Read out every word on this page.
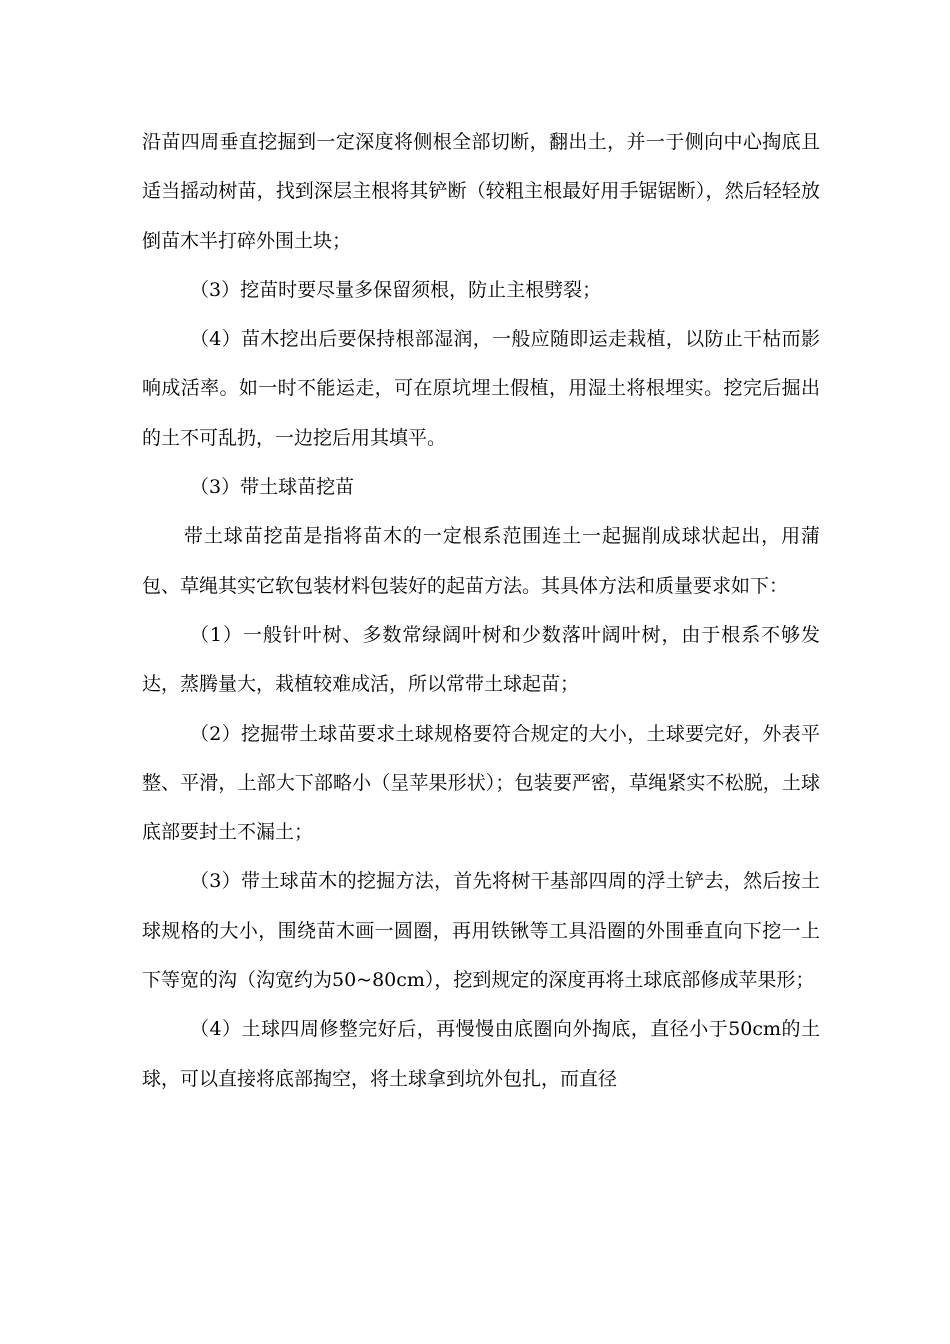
沿苗四周垂直挖掘到一定深度将侧根全部切断，翻出土，并一于侧向中心掏底且适当摇动树苗，找到深层主根将其铲断（较粗主根最好用手锯锯断），然后轻轻放倒苗木半打碎外围土块；

（3）挖苗时要尽量多保留须根，防止主根劈裂；

（4）苗木挖出后要保持根部湿润，一般应随即运走栽植，以防止干枯而影响成活率。如一时不能运走，可在原坑埋土假植，用湿土将根埋实。挖完后掘出的土不可乱扔，一边挖后用其填平。

（3）带土球苗挖苗

带土球苗挖苗是指将苗木的一定根系范围连土一起掘削成球状起出，用蒲包、草绳其实它软包装材料包装好的起苗方法。其具体方法和质量要求如下：

（1）一般针叶树、多数常绿阔叶树和少数落叶阔叶树，由于根系不够发达，蒸腾量大，栽植较难成活，所以常带土球起苗；

（2）挖掘带土球苗要求土球规格要符合规定的大小，土球要完好，外表平整、平滑，上部大下部略小（呈苹果形状）；包装要严密，草绳紧实不松脱，土球底部要封土不漏土；

（3）带土球苗木的挖掘方法，首先将树干基部四周的浮土铲去，然后按土球规格的大小，围绕苗木画一圆圈，再用铁锹等工具沿圈的外围垂直向下挖一上下等宽的沟（沟宽约为50~80cm），挖到规定的深度再将土球底部修成苹果形；

（4）土球四周修整完好后，再慢慢由底圈向外掏底，直径小于50cm的土球，可以直接将底部掏空，将土球拿到坑外包扎，而直径
